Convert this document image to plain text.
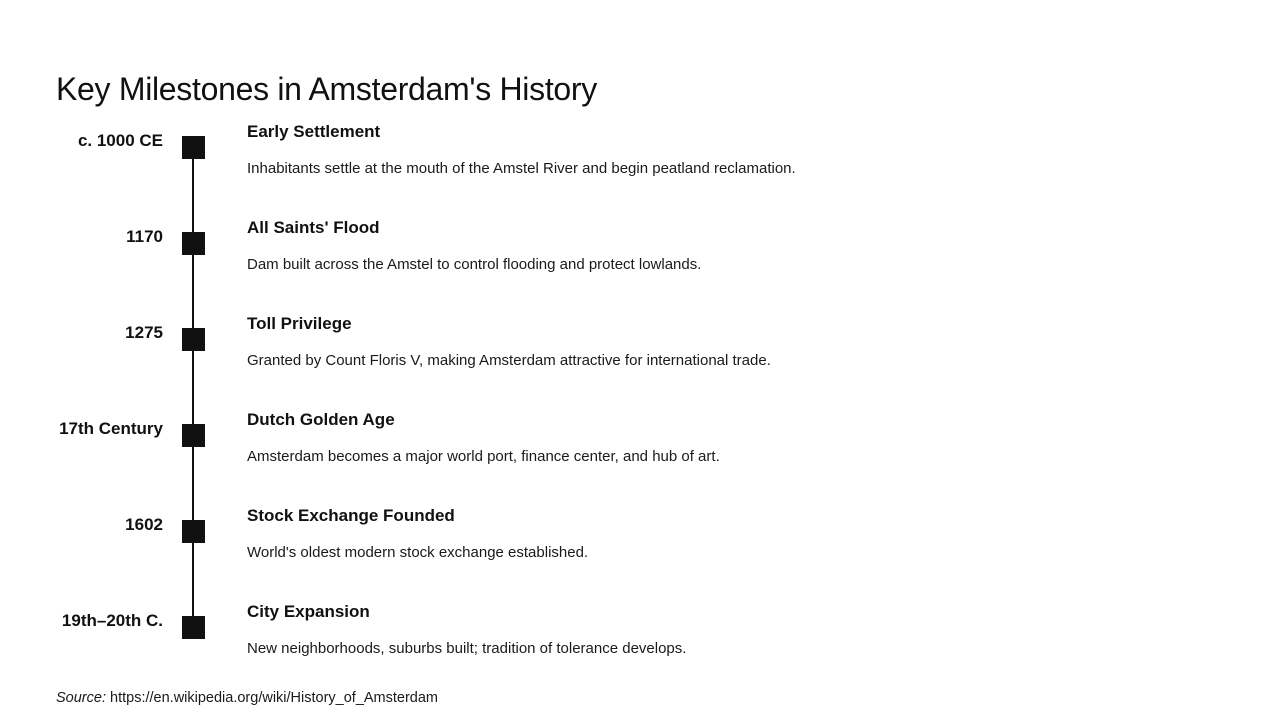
Key Milestones in Amsterdam's History
c. 1000 CE	Early Settlement
Inhabitants settle at the mouth of the Amstel River and begin peatland reclamation.
1170	All Saints' Flood
Dam built across the Amstel to control flooding and protect lowlands.
1275	Toll Privilege
Granted by Count Floris V, making Amsterdam attractive for international trade.
17th Century	Dutch Golden Age
Amsterdam becomes a major world port, finance center, and hub of art.
1602	Stock Exchange Founded
World's oldest modern stock exchange established.
19th–20th C.	City Expansion
New neighborhoods, suburbs built; tradition of tolerance develops.
Source: https://en.wikipedia.org/wiki/History_of_Amsterdam
